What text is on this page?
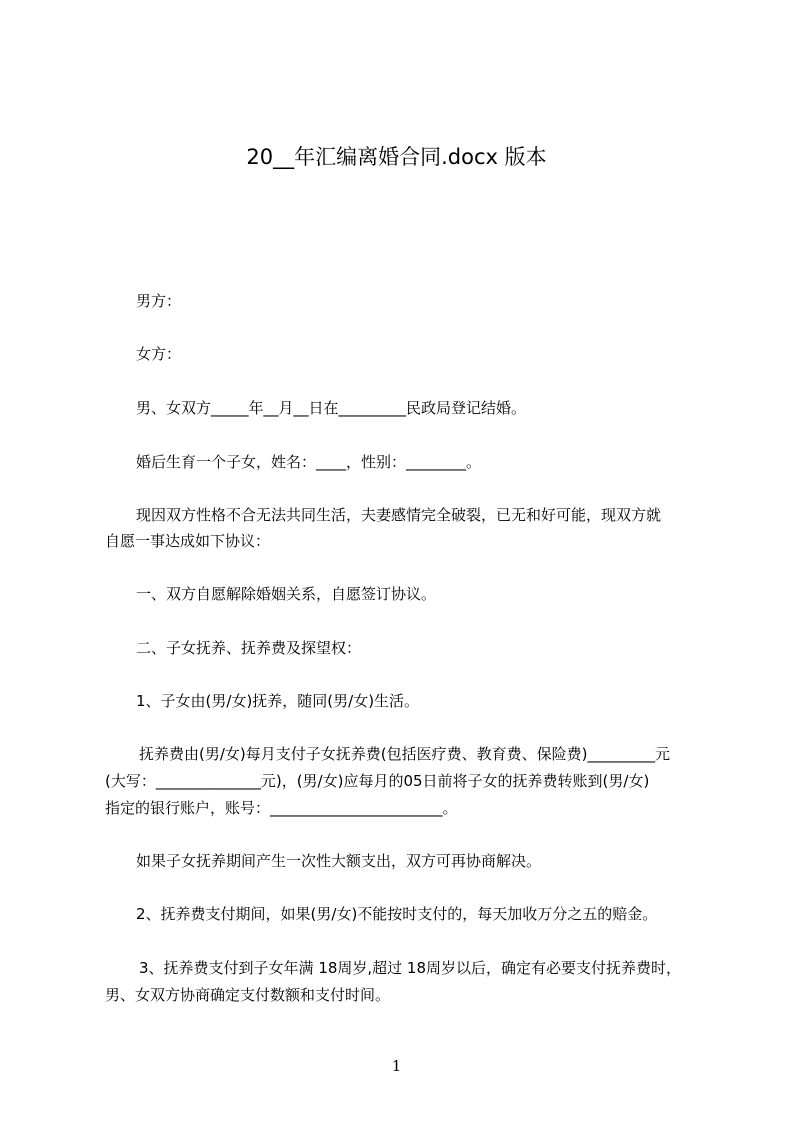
20__年汇编离婚合同.docx 版本
男方：
女方：
男、女双方_____年__月__日在_________民政局登记结婚。
婚后生育一个子女，姓名：____，性别：________。
现因双方性格不合无法共同生活，夫妻感情完全破裂，已无和好可能，现双方就
自愿一事达成如下协议：
一、双方自愿解除婚姻关系，自愿签订协议。
二、子女抚养、抚养费及探望权：
1、子女由(男/女)抚养，随同(男/女)生活。
抚养费由(男/女)每月支付子女抚养费(包括医疗费、教育费、保险费)_________元
(大写：______________元)，(男/女)应每月的05日前将子女的抚养费转账到(男/女)
指定的银行账户，账号：_______________________。
如果子女抚养期间产生一次性大额支出，双方可再协商解决。
2、抚养费支付期间，如果(男/女)不能按时支付的，每天加收万分之五的赔金。
3、抚养费支付到子女年满 18周岁,超过 18周岁以后，确定有必要支付抚养费时，
男、女双方协商确定支付数额和支付时间。
1
